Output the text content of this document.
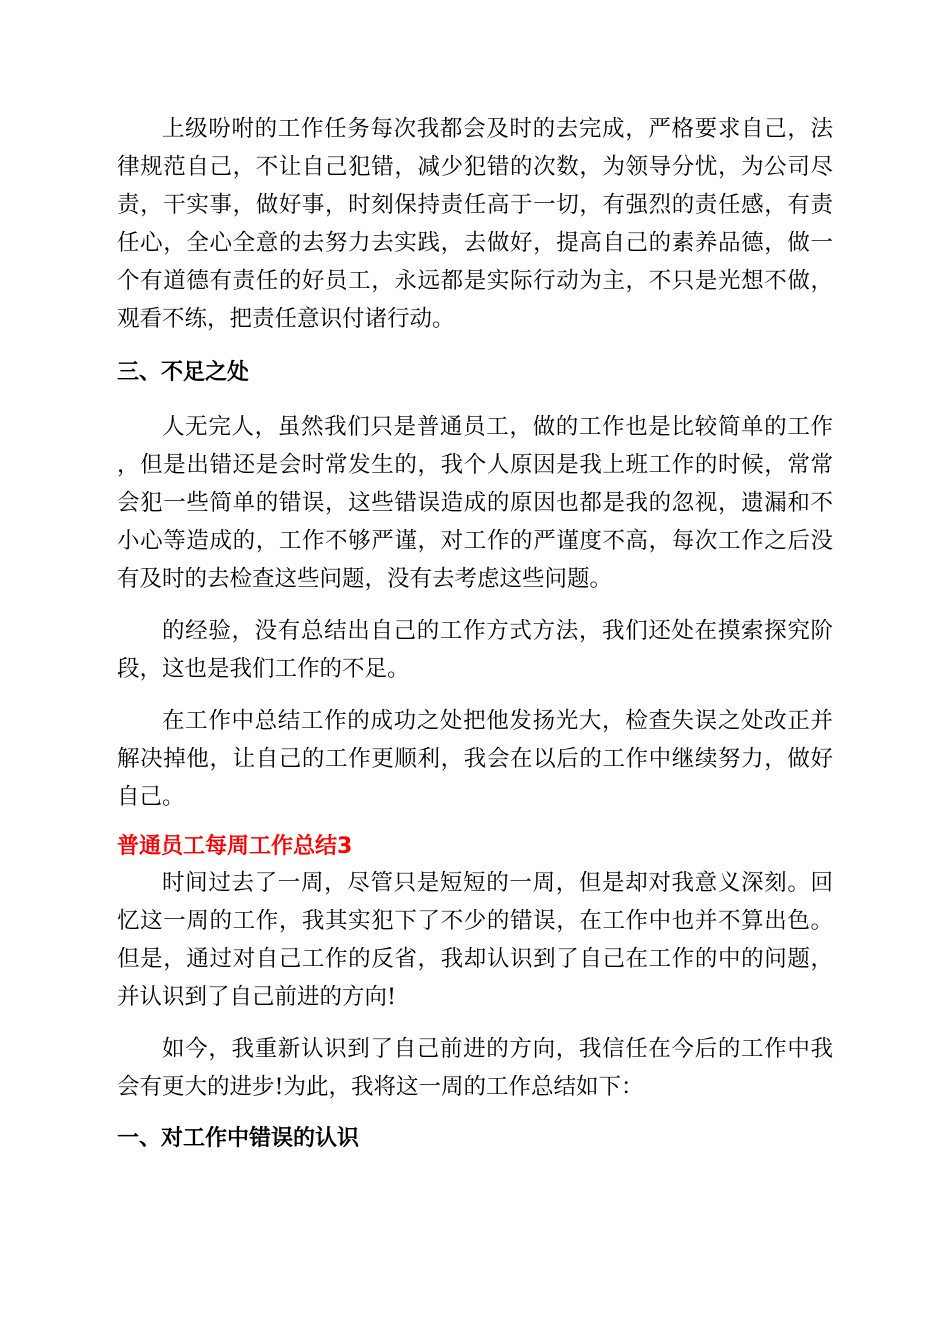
上级吩咐的工作任务每次我都会及时的去完成，严格要求自己，法律规范自己，不让自己犯错，减少犯错的次数，为领导分忧，为公司尽责，干实事，做好事，时刻保持责任高于一切，有强烈的责任感，有责任心，全心全意的去努力去实践，去做好，提高自己的素养品德，做一个有道德有责任的好员工，永远都是实际行动为主，不只是光想不做，观看不练，把责任意识付诸行动。

三、不足之处

人无完人，虽然我们只是普通员工，做的工作也是比较简单的工作，但是出错还是会时常发生的，我个人原因是我上班工作的时候，常常会犯一些简单的错误，这些错误造成的原因也都是我的忽视，遗漏和不小心等造成的，工作不够严谨，对工作的严谨度不高，每次工作之后没有及时的去检查这些问题，没有去考虑这些问题。

的经验，没有总结出自己的工作方式方法，我们还处在摸索探究阶段，这也是我们工作的不足。

在工作中总结工作的成功之处把他发扬光大，检查失误之处改正并解决掉他，让自己的工作更顺利，我会在以后的工作中继续努力，做好自己。

普通员工每周工作总结3

时间过去了一周，尽管只是短短的一周，但是却对我意义深刻。回忆这一周的工作，我其实犯下了不少的错误，在工作中也并不算出色。但是，通过对自己工作的反省，我却认识到了自己在工作的中的问题，并认识到了自己前进的方向!

如今，我重新认识到了自己前进的方向，我信任在今后的工作中我会有更大的进步!为此，我将这一周的工作总结如下：

一、对工作中错误的认识
